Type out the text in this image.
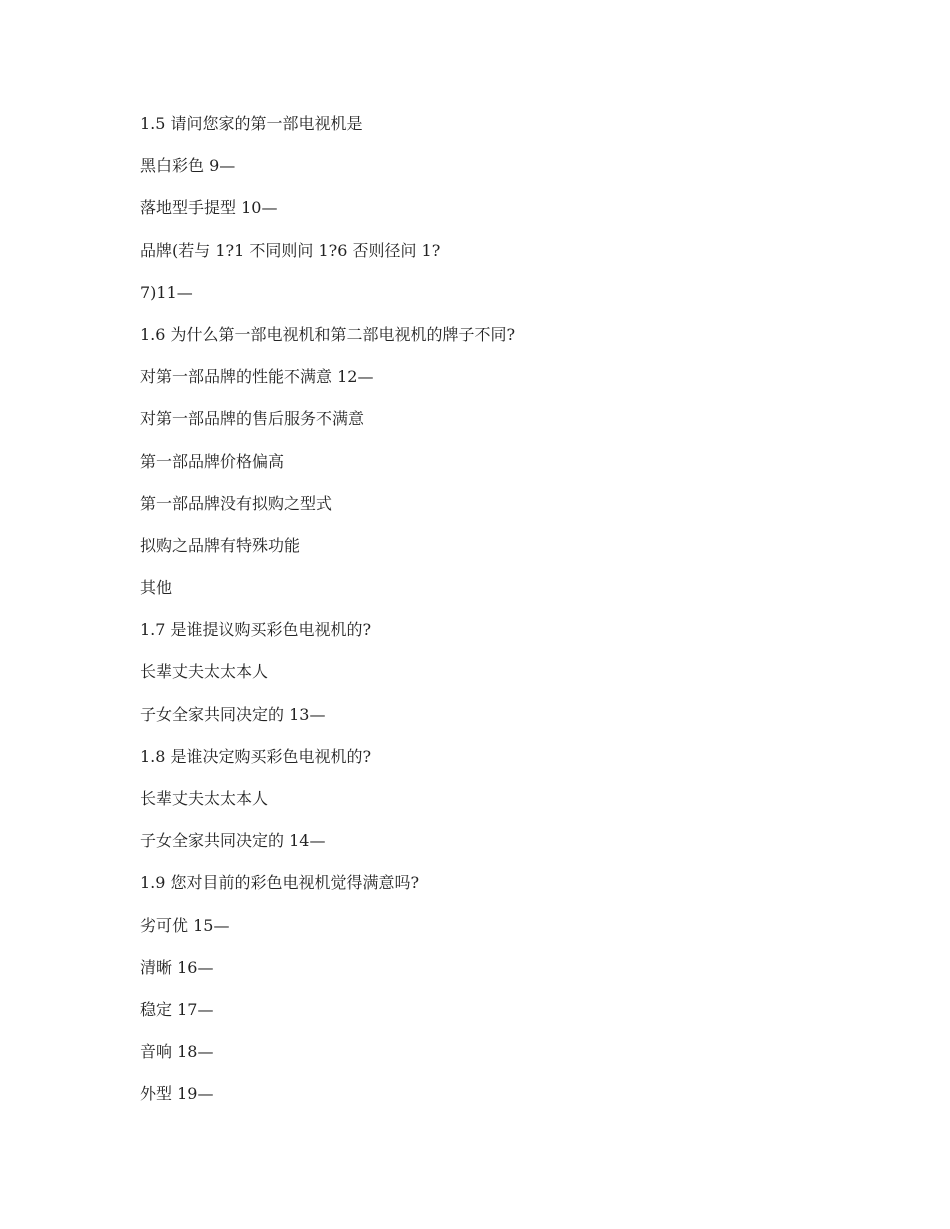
1.5 请问您家的第一部电视机是
黑白彩色 9—
落地型手提型 10—
品牌(若与 1?1 不同则问 1?6 否则径问 1?
7)11—
1.6 为什么第一部电视机和第二部电视机的牌子不同?
对第一部品牌的性能不满意 12—
对第一部品牌的售后服务不满意
第一部品牌价格偏高
第一部品牌没有拟购之型式
拟购之品牌有特殊功能
其他
1.7 是谁提议购买彩色电视机的?
长辈丈夫太太本人
子女全家共同决定的 13—
1.8 是谁决定购买彩色电视机的?
长辈丈夫太太本人
子女全家共同决定的 14—
1.9 您对目前的彩色电视机觉得满意吗?
劣可优 15—
清晰 16—
稳定 17—
音响 18—
外型 19—
